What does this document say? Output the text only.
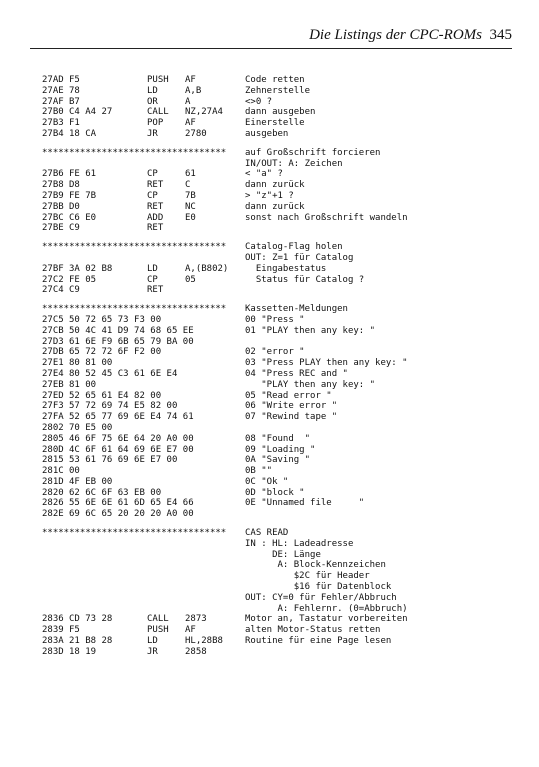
Die Listings der CPC-ROMs 345
27AD F5	PUSH AF	Code retten
27AE 78	LD	A,B	Zehnerstelle
27AF B7	OR	A	<>0 ?
27B0 C4 A4 27	CALL NZ,27A4 dann ausgeben
27B3 F1	POP AF	Einerstelle
27B4 18 CA	JR	2780	ausgeben
********************************** auf Großschrift forcieren
IN/OUT: A: Zeichen
27B6 FE 61	CP	61	< "a" ?
27B8 D8	RET C	dann zurück
27B9 FE 7B	CP	7B	> "z"+1 ?
27BB D0	RET NC	dann zurück
27BC C6 E0	ADD E0	sonst nach Großschrift wandeln
27BE C9	RET
********************************** Catalog-Flag holen
OUT: Z=1 für Catalog
27BF 3A 02 B8	LD	A,(B802) Eingabestatus
27C2 FE 05	CP	05	Status für Catalog ?
27C4 C9	RET
********************************** Kassetten-Meldungen
27C5 50 72 65 73 F3 00	00 "Press "
27CB 50 4C 41 D9 74 68 65 EE	01 "PLAY then any key: "
27D3 61 6E F9 6B 65 79 BA 00
27DB 65 72 72 6F F2 00	02 "error "
27E1 80 81 00	03 "Press PLAY then any key: "
27E4 80 52 45 C3 61 6E E4	04 "Press REC and "
27EB 81 00	"PLAY then any key: "
27ED 52 65 61 E4 82 00	05 "Read error "
27F3 57 72 69 74 E5 82 00	06 "Write error "
27FA 52 65 77 69 6E E4 74 61	07 "Rewind tape "
2802 70 E5 00
2805 46 6F 75 6E 64 20 A0 00	08 "Found  "
280D 4C 6F 61 64 69 6E E7 00	09 "Loading "
2815 53 61 76 69 6E E7 00	0A "Saving "
281C 00	0B ""
281D 4F EB 00	0C "Ok "
2820 62 6C 6F 63 EB 00	0D "block "
2826 55 6E 6E 61 6D 65 E4 66	0E "Unnamed file     "
282E 69 6C 65 20 20 20 A0 00
********************************** CAS READ
IN : HL: Ladeadresse
DE: Länge
A: Block-Kennzeichen
$2C für Header
$16 für Datenblock
OUT: CY=0 für Fehler/Abbruch
A: Fehlernr. (0=Abbruch)
2836 CD 73 28	CALL 2873	Motor an, Tastatur vorbereiten
2839 F5	PUSH AF	alten Motor-Status retten
283A 21 B8 28	LD	HL,28B8 Routine für eine Page lesen
283D 18 19	JR	2858
